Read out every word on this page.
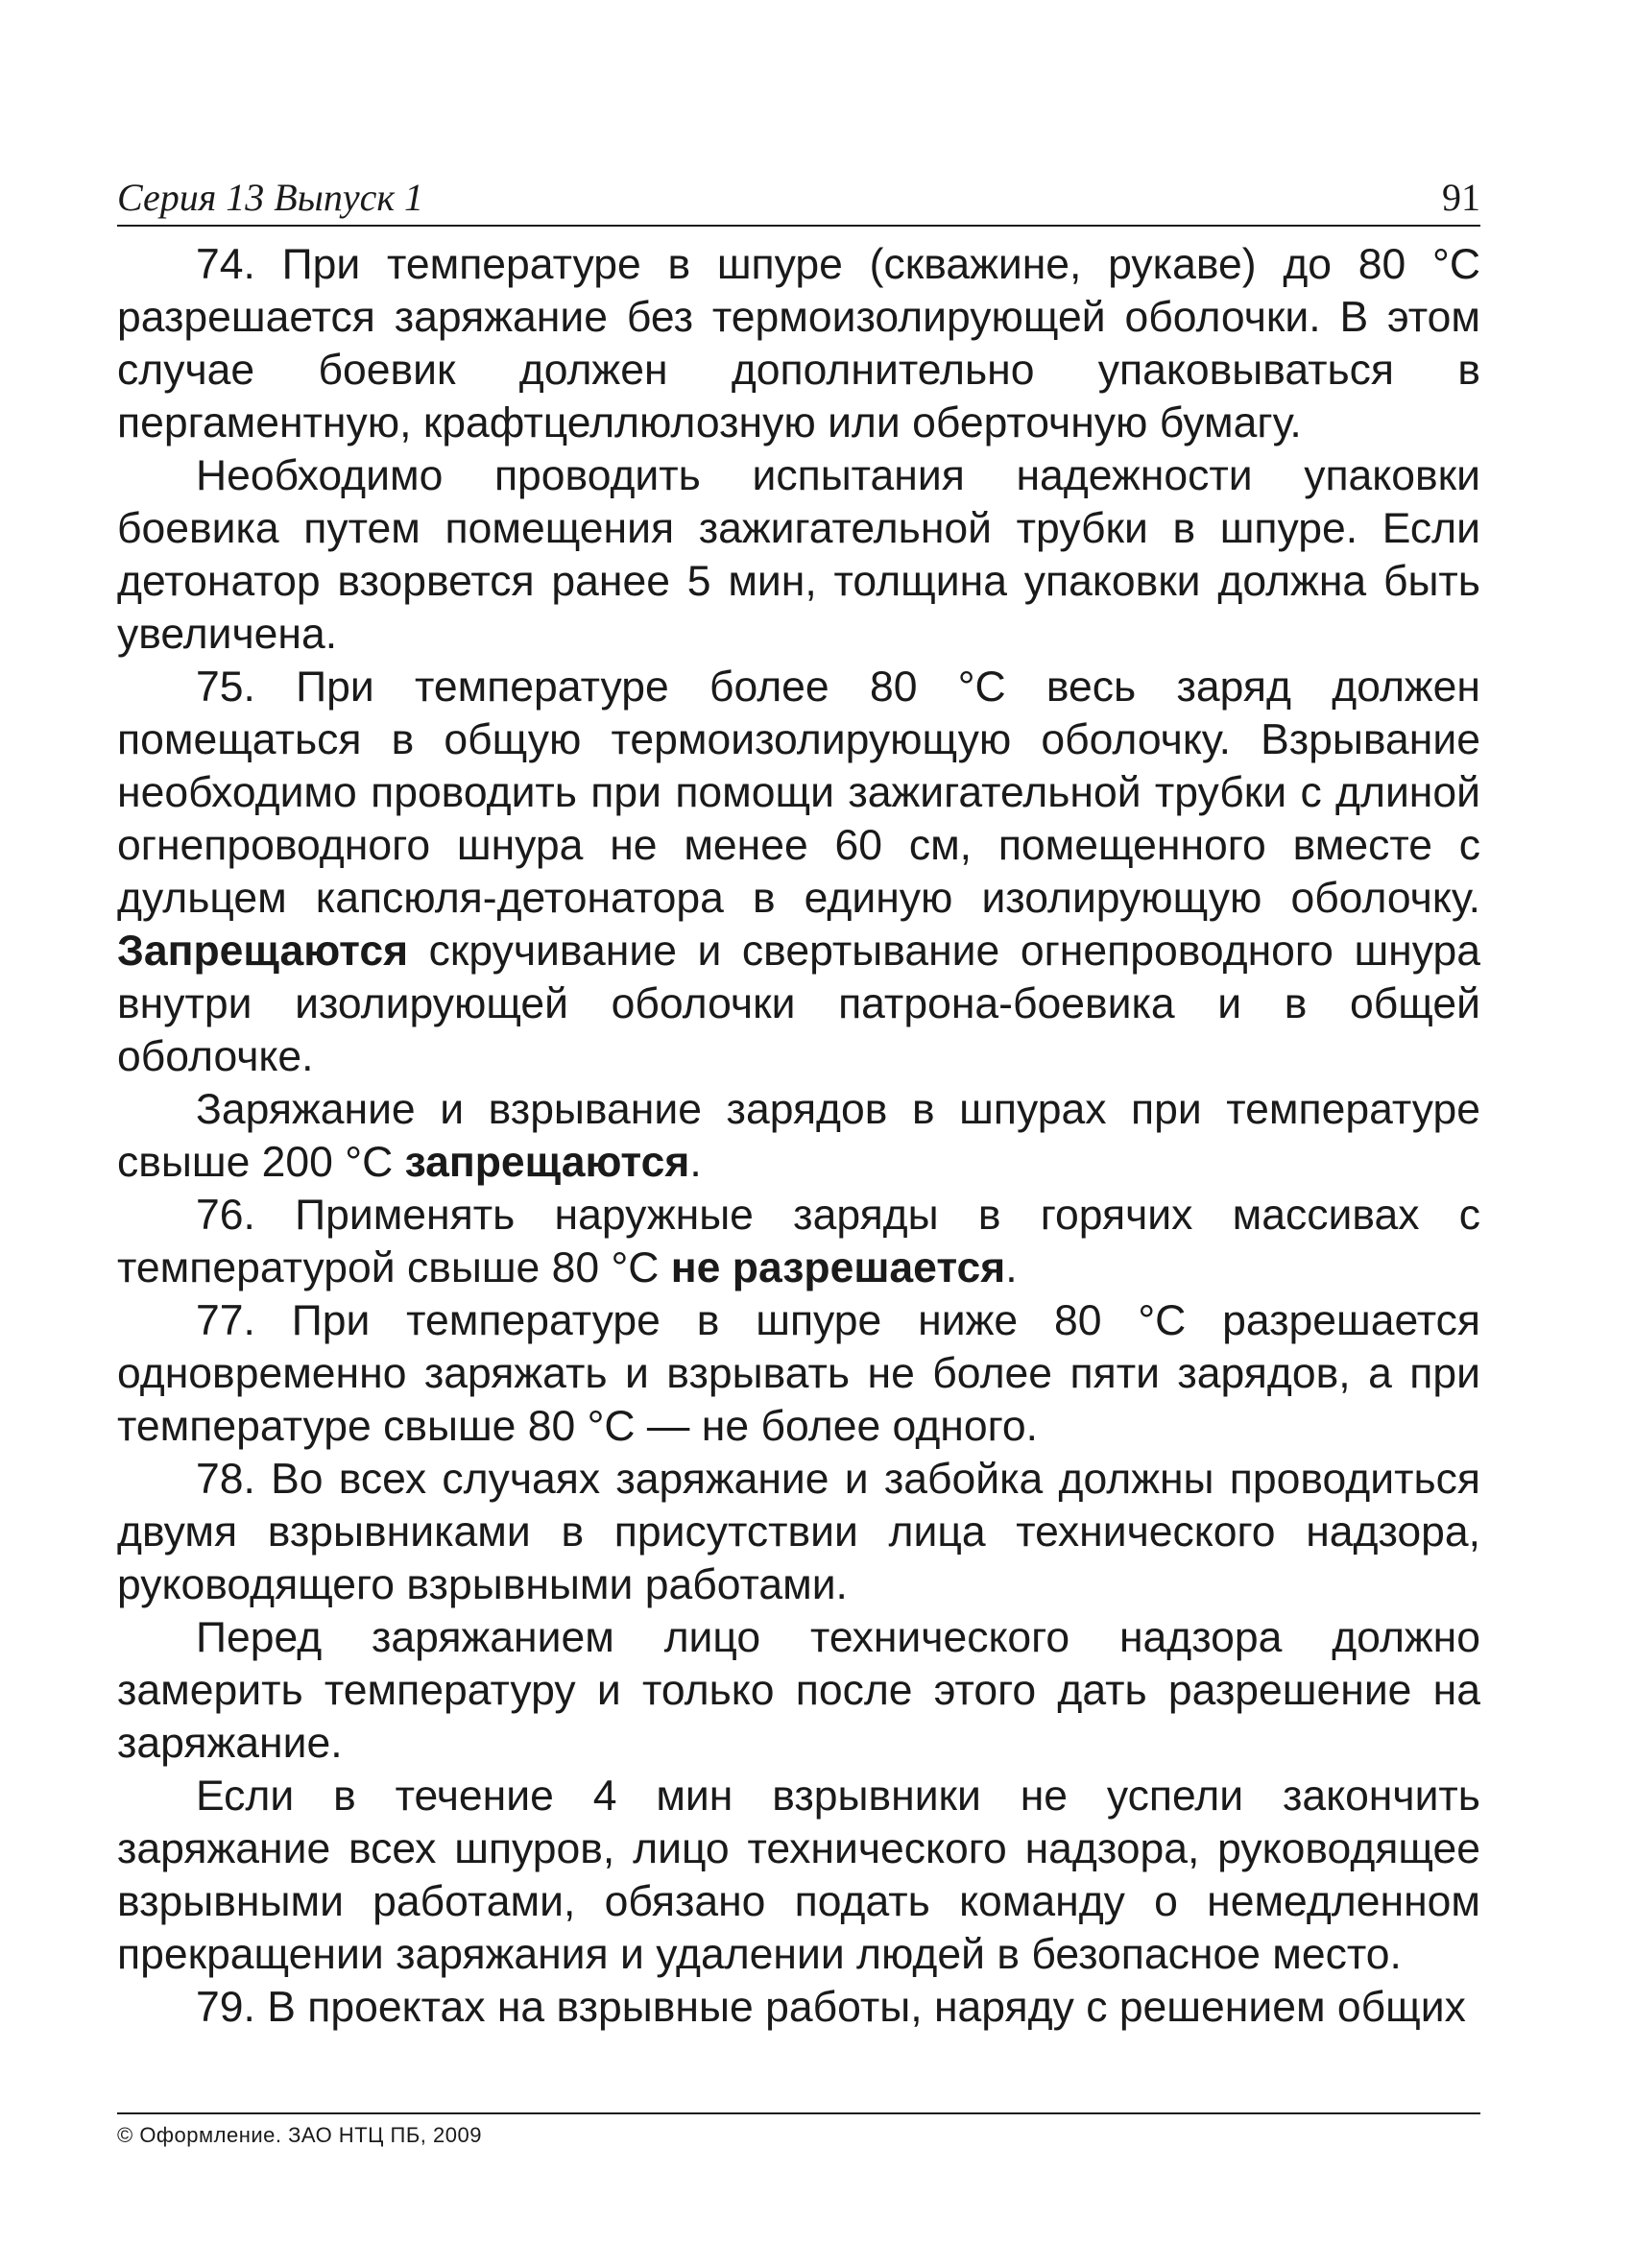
Серия 13 Выпуск 1	91

74. При температуре в шпуре (скважине, рукаве) до 80 °С разрешается заряжание без термоизолирующей оболочки. В этом случае боевик должен дополнительно упаковываться в пергаментную, крафтцеллюлозную или оберточную бумагу.

Необходимо проводить испытания надежности упаковки боевика путем помещения зажигательной трубки в шпуре. Если детонатор взорвется ранее 5 мин, толщина упаковки должна быть увеличена.

75. При температуре более 80 °С весь заряд должен помещаться в общую термоизолирующую оболочку. Взрывание необходимо проводить при помощи зажигательной трубки с длиной огнепроводного шнура не менее 60 см, помещенного вместе с дульцем капсюля-детонатора в единую изолирующую оболочку. Запрещаются скручивание и свертывание огнепроводного шнура внутри изолирующей оболочки патрона-боевика и в общей оболочке.

Заряжание и взрывание зарядов в шпурах при температуре свыше 200 °С запрещаются.

76. Применять наружные заряды в горячих массивах с температурой свыше 80 °С не разрешается.

77. При температуре в шпуре ниже 80 °С разрешается одновременно заряжать и взрывать не более пяти зарядов, а при температуре свыше 80 °С — не более одного.

78. Во всех случаях заряжание и забойка должны проводиться двумя взрывниками в присутствии лица технического надзора, руководящего взрывными работами.

Перед заряжанием лицо технического надзора должно замерить температуру и только после этого дать разрешение на заряжание.

Если в течение 4 мин взрывники не успели закончить заряжание всех шпуров, лицо технического надзора, руководящее взрывными работами, обязано подать команду о немедленном прекращении заряжания и удалении людей в безопасное место.

79. В проектах на взрывные работы, наряду с решением общих

© Оформление. ЗАО НТЦ ПБ, 2009
